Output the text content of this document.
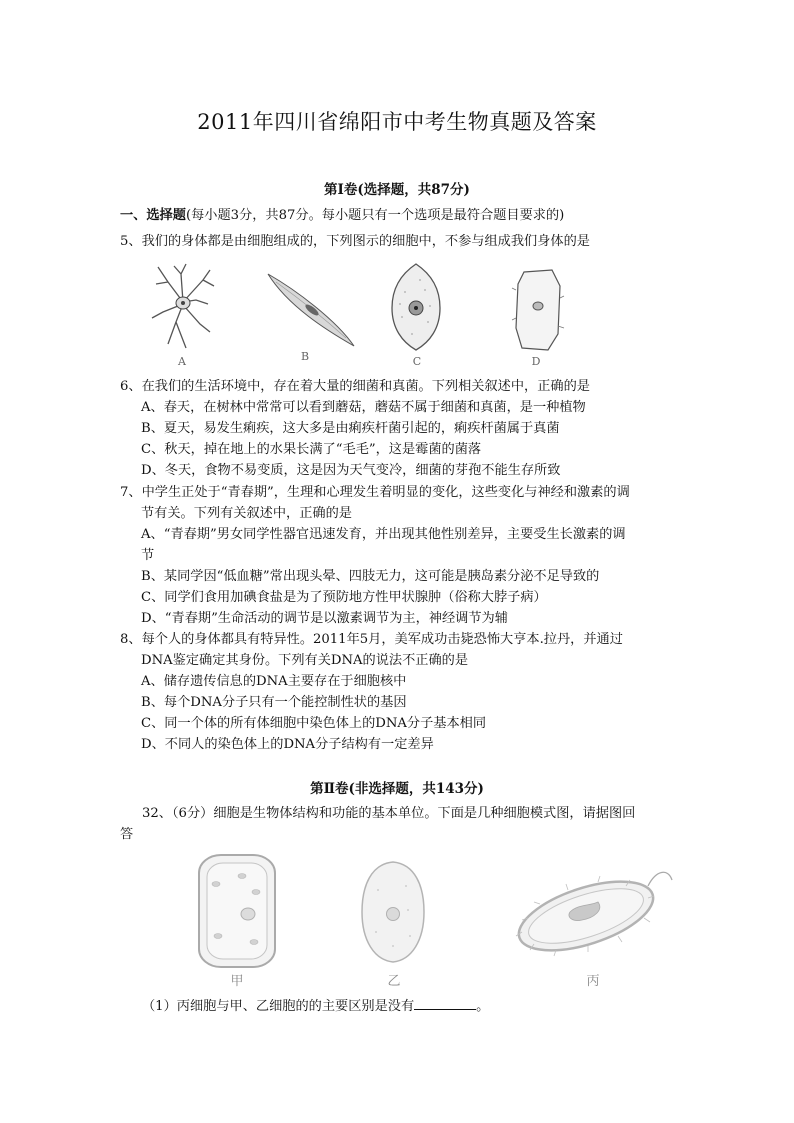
2011年四川省绵阳市中考生物真题及答案
第Ⅰ卷(选择题，共87分)
一、选择题(每小题3分，共87分。每小题只有一个选项是最符合题目要求的)
5、我们的身体都是由细胞组成的，下列图示的细胞中，不参与组成我们身体的是
A	B	C	D
6、在我们的生活环境中，存在着大量的细菌和真菌。下列相关叙述中，正确的是
A、春天，在树林中常常可以看到蘑菇，蘑菇不属于细菌和真菌，是一种植物
B、夏天，易发生痢疾，这大多是由痢疾杆菌引起的，痢疾杆菌属于真菌
C、秋天，掉在地上的水果长满了“毛毛”，这是霉菌的菌落
D、冬天，食物不易变质，这是因为天气变冷，细菌的芽孢不能生存所致
7、中学生正处于“青春期”，生理和心理发生着明显的变化，这些变化与神经和激素的调
节有关。下列有关叙述中，正确的是
A、“青春期”男女同学性器官迅速发育，并出现其他性别差异，主要受生长激素的调
节
B、某同学因“低血糖”常出现头晕、四肢无力，这可能是胰岛素分泌不足导致的
C、同学们食用加碘食盐是为了预防地方性甲状腺肿（俗称大脖子病）
D、“青春期”生命活动的调节是以激素调节为主，神经调节为辅
8、每个人的身体都具有特异性。2011年5月，美军成功击毙恐怖大亨本.拉丹，并通过
DNA鉴定确定其身份。下列有关DNA的说法不正确的是
A、储存遗传信息的DNA主要存在于细胞核中
B、每个DNA分子只有一个能控制性状的基因
C、同一个体的所有体细胞中染色体上的DNA分子基本相同
D、不同人的染色体上的DNA分子结构有一定差异
第Ⅱ卷(非选择题，共143分)
32、（6分）细胞是生物体结构和功能的基本单位。下面是几种细胞模式图，请据图回
答
甲	乙	丙
（1）丙细胞与甲、乙细胞的的主要区别是没有	。
